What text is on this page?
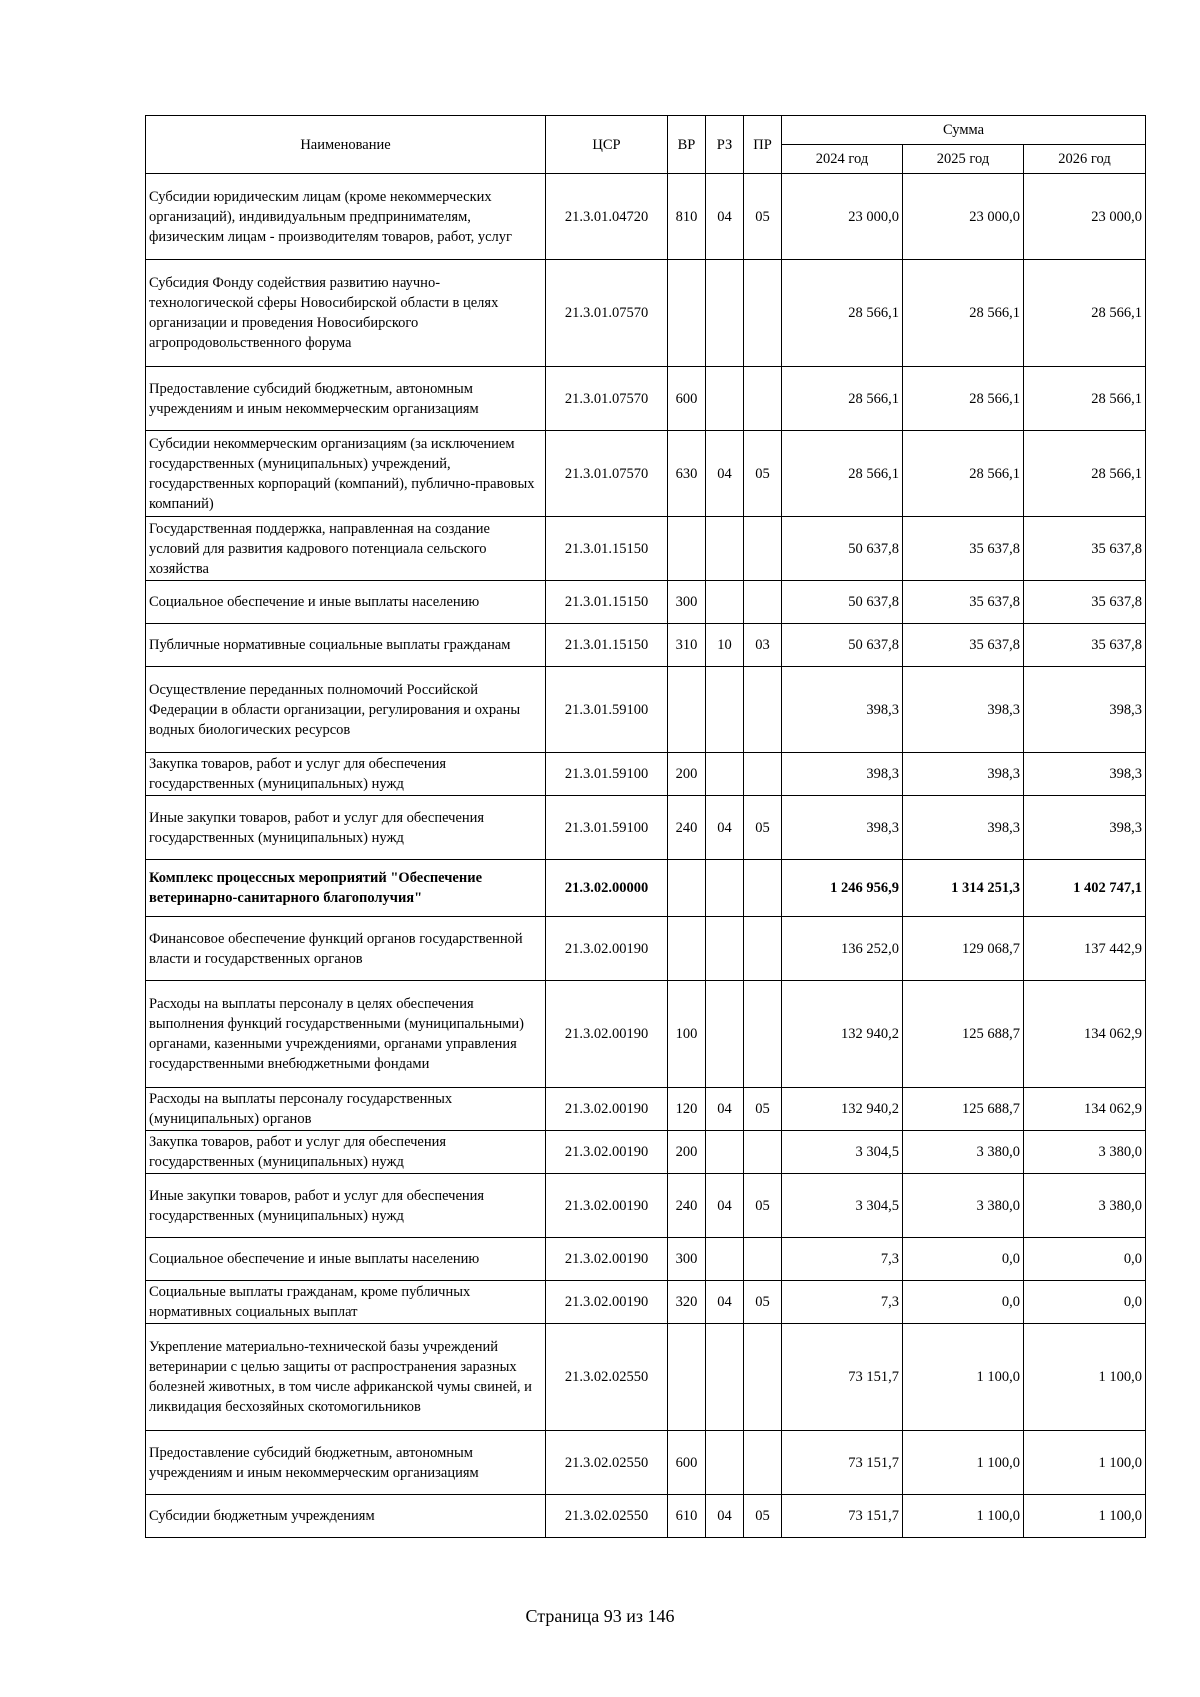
Наименование	ЦСР	ВР	РЗ	ПР	Сумма		
					2024 год	2025 год	2026 год
Субсидии юридическим лицам (кроме некоммерческих организаций), индивидуальным предпринимателям, физическим лицам - производителям товаров, работ, услуг	21.3.01.04720	810	04	05	23 000,0	23 000,0	23 000,0
Субсидия Фонду содействия развитию научно-технологической сферы Новосибирской области в целях организации и проведения Новосибирского агропродовольственного форума	21.3.01.07570				28 566,1	28 566,1	28 566,1
Предоставление субсидий бюджетным, автономным учреждениям и иным некоммерческим организациям	21.3.01.07570	600			28 566,1	28 566,1	28 566,1
Субсидии некоммерческим организациям (за исключением государственных (муниципальных) учреждений, государственных корпораций (компаний), публично-правовых компаний)	21.3.01.07570	630	04	05	28 566,1	28 566,1	28 566,1
Государственная поддержка, направленная на создание условий для развития кадрового потенциала сельского хозяйства	21.3.01.15150				50 637,8	35 637,8	35 637,8
Социальное обеспечение и иные выплаты населению	21.3.01.15150	300			50 637,8	35 637,8	35 637,8
Публичные нормативные социальные выплаты гражданам	21.3.01.15150	310	10	03	50 637,8	35 637,8	35 637,8
Осуществление переданных полномочий Российской Федерации в области организации, регулирования и охраны водных биологических ресурсов	21.3.01.59100				398,3	398,3	398,3
Закупка товаров, работ и услуг для обеспечения государственных (муниципальных) нужд	21.3.01.59100	200			398,3	398,3	398,3
Иные закупки товаров, работ и услуг для обеспечения государственных (муниципальных) нужд	21.3.01.59100	240	04	05	398,3	398,3	398,3
Комплекс процессных мероприятий "Обеспечение ветеринарно-санитарного благополучия"	21.3.02.00000				1 246 956,9	1 314 251,3	1 402 747,1
Финансовое обеспечение функций органов государственной власти и государственных органов	21.3.02.00190				136 252,0	129 068,7	137 442,9
Расходы на выплаты персоналу в целях обеспечения выполнения функций государственными (муниципальными) органами, казенными учреждениями, органами управления государственными внебюджетными фондами	21.3.02.00190	100			132 940,2	125 688,7	134 062,9
Расходы на выплаты персоналу государственных (муниципальных) органов	21.3.02.00190	120	04	05	132 940,2	125 688,7	134 062,9
Закупка товаров, работ и услуг для обеспечения государственных (муниципальных) нужд	21.3.02.00190	200			3 304,5	3 380,0	3 380,0
Иные закупки товаров, работ и услуг для обеспечения государственных (муниципальных) нужд	21.3.02.00190	240	04	05	3 304,5	3 380,0	3 380,0
Социальное обеспечение и иные выплаты населению	21.3.02.00190	300			7,3	0,0	0,0
Социальные выплаты гражданам, кроме публичных нормативных социальных выплат	21.3.02.00190	320	04	05	7,3	0,0	0,0
Укрепление материально-технической базы учреждений ветеринарии с целью защиты от распространения заразных болезней животных, в том числе африканской чумы свиней, и ликвидация бесхозяйных скотомогильников	21.3.02.02550				73 151,7	1 100,0	1 100,0
Предоставление субсидий бюджетным, автономным учреждениям и иным некоммерческим организациям	21.3.02.02550	600			73 151,7	1 100,0	1 100,0
Субсидии бюджетным учреждениям	21.3.02.02550	610	04	05	73 151,7	1 100,0	1 100,0
Страница 93 из 146
